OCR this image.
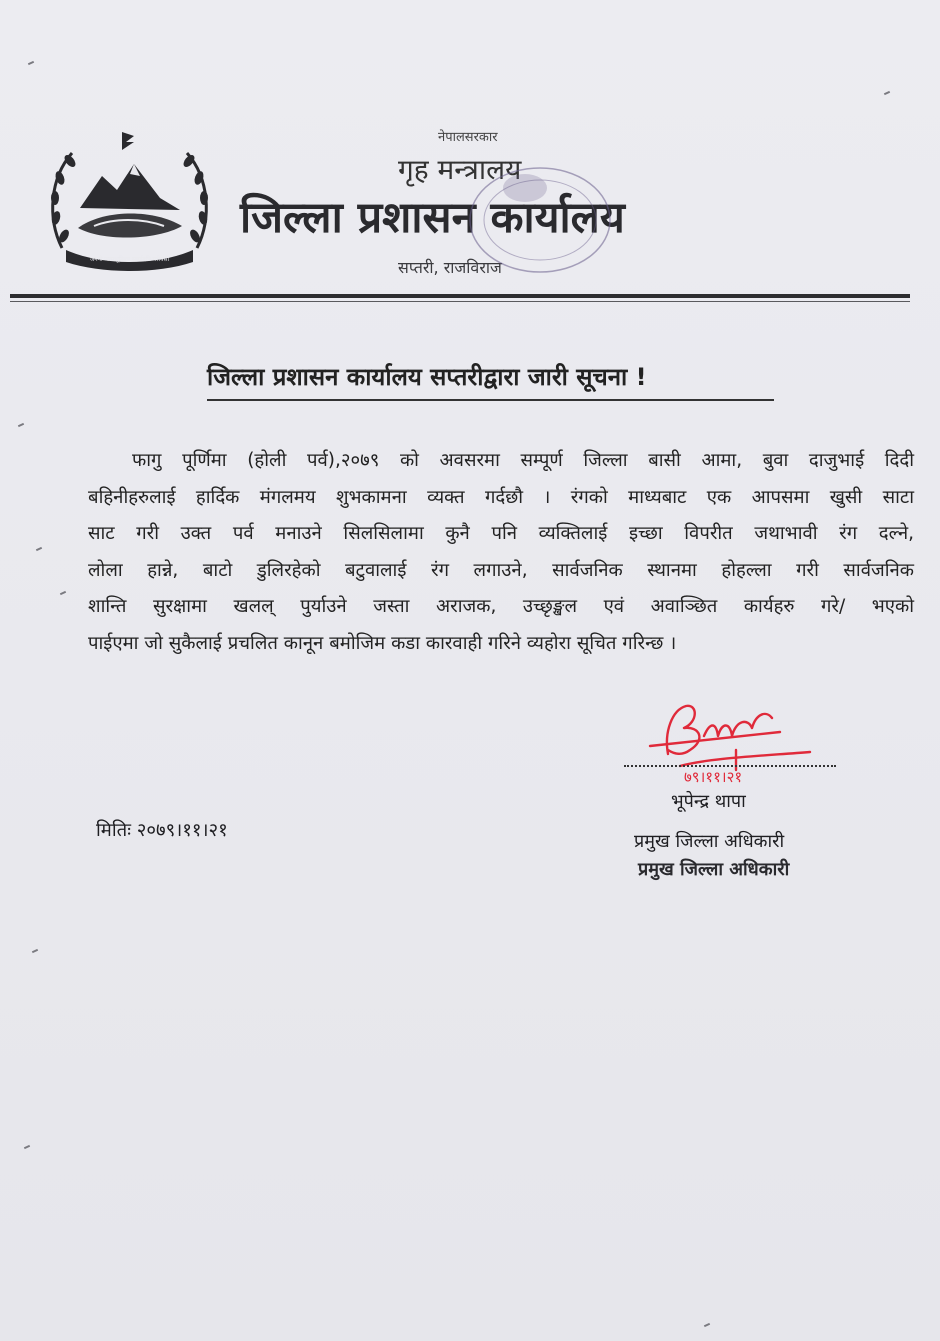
जननी जन्मभूमिश्च स्वर्गादपि गरीयसी
नेपालसरकार
गृह मन्त्रालय
जिल्ला प्रशासन कार्यालय
सप्तरी, राजविराज
जिल्ला प्रशासन कार्यालय सप्तरीद्वारा जारी सूचना !
फागु पूर्णिमा (होली पर्व),२०७९ को अवसरमा सम्पूर्ण जिल्ला बासी आमा, बुवा दाजुभाई दिदी
बहिनीहरुलाई हार्दिक मंगलमय शुभकामना व्यक्त गर्दछौ । रंगको माध्यबाट एक आपसमा खुसी साटा
साट गरी उक्त पर्व मनाउने सिलसिलामा कुनै पनि व्यक्तिलाई इच्छा विपरीत जथाभावी रंग दल्ने,
लोला हान्ने, बाटो डुलिरहेको बटुवालाई रंग लगाउने, सार्वजनिक स्थानमा होहल्ला गरी सार्वजनिक
शान्ति सुरक्षामा खलल् पुर्याउने जस्ता अराजक, उच्छृङ्खल एवं अवाञ्छित कार्यहरु गरे/ भएको
पाईएमा जो सुकैलाई प्रचलित कानून बमोजिम कडा कारवाही गरिने व्यहोरा सूचित गरिन्छ ।
७९।११।२१
भूपेन्द्र थापा
प्रमुख जिल्ला अधिकारी
प्रमुख जिल्ला अधिकारी
मितिः २०७९।११।२१
